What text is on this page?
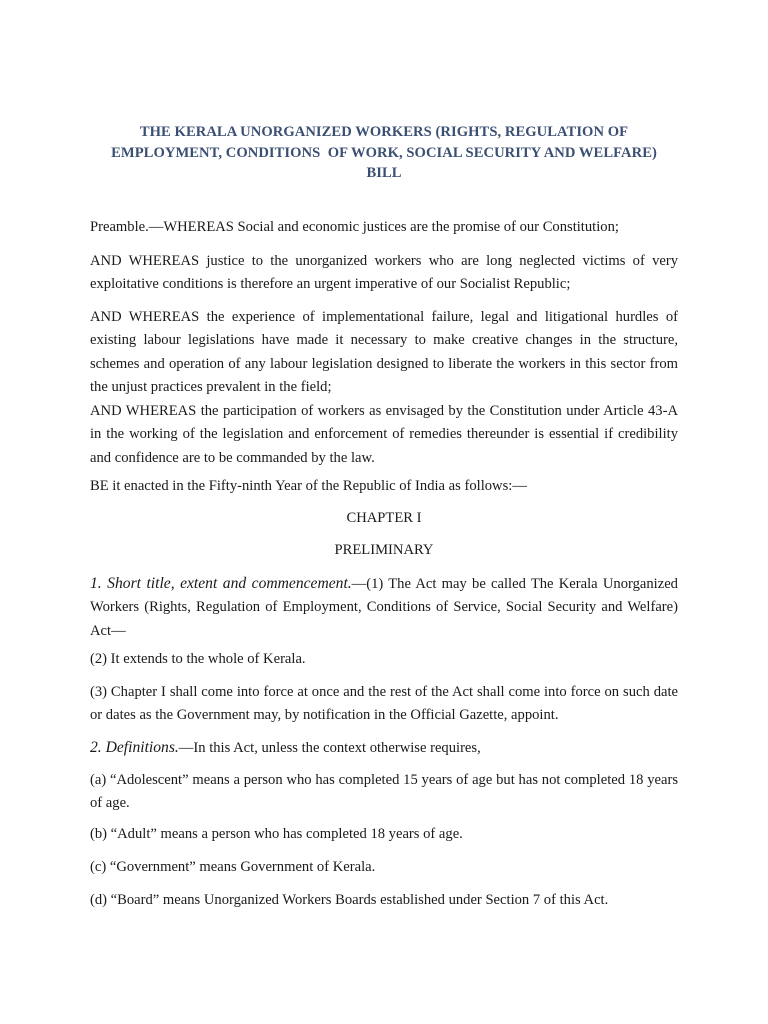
THE KERALA UNORGANIZED WORKERS (RIGHTS, REGULATION OF
EMPLOYMENT, CONDITIONS  OF WORK, SOCIAL SECURITY AND WELFARE)
BILL
Preamble.—WHEREAS Social and economic justices are the promise of our Constitution;
AND WHEREAS justice to the unorganized workers who are long neglected victims of very exploitative conditions is therefore an urgent imperative of our Socialist Republic;
AND WHEREAS the experience of implementational failure, legal and litigational hurdles of existing labour legislations have made it necessary to make creative changes in the structure, schemes and operation of any labour legislation designed to liberate the workers in this sector from the unjust practices prevalent in the field;
AND WHEREAS the participation of workers as envisaged by the Constitution under Article 43-A in the working of the legislation and enforcement of remedies thereunder is essential if credibility and confidence are to be commanded by the law.
BE it enacted in the Fifty-ninth Year of the Republic of India as follows:—
CHAPTER I
PRELIMINARY
1. Short title, extent and commencement.—(1) The Act may be called The Kerala Unorganized Workers (Rights, Regulation of Employment, Conditions of Service, Social Security and Welfare) Act—
(2) It extends to the whole of Kerala.
(3) Chapter I shall come into force at once and the rest of the Act shall come into force on such date or dates as the Government may, by notification in the Official Gazette, appoint.
2. Definitions.—In this Act, unless the context otherwise requires,
(a) “Adolescent” means a person who has completed 15 years of age but has not completed 18 years of age.
(b) “Adult” means a person who has completed 18 years of age.
(c) “Government” means Government of Kerala.
(d) “Board” means Unorganized Workers Boards established under Section 7 of this Act.
